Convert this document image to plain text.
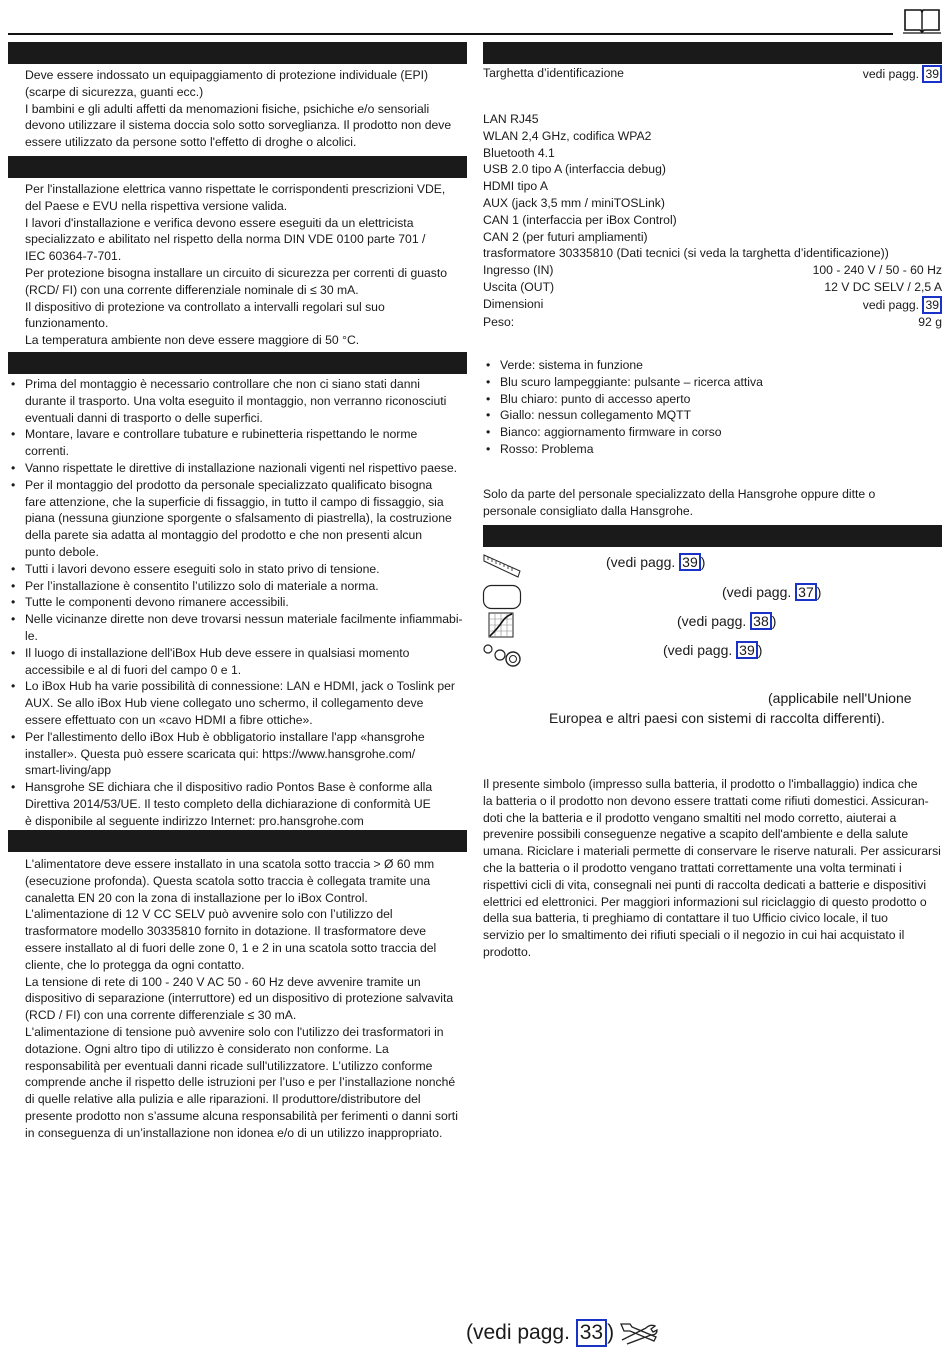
Deve essere indossato un equipaggiamento di protezione individuale (EPI)

(scarpe di sicurezza, guanti ecc.)

I bambini e gli adulti affetti da menomazioni fisiche, psichiche e/o sensoriali

devono utilizzare il sistema doccia solo sotto sorveglianza. Il prodotto non deve

essere utilizzato da persone sotto l'effetto di droghe o alcolici.

Per l'installazione elettrica vanno rispettate le corrispondenti prescrizioni VDE,

del Paese e EVU nella rispettiva versione valida.

I lavori d'installazione e verifica devono essere eseguiti da un elettricista

specializzato e abilitato nel rispetto della norma DIN VDE 0100 parte 701 /

IEC 60364-7-701.

Per protezione bisogna installare un circuito di sicurezza per correnti di guasto

(RCD/ FI) con una corrente differenziale nominale di ≤ 30 mA.

Il dispositivo di protezione va controllato a intervalli regolari sul suo

funzionamento.

La temperatura ambiente non deve essere maggiore di 50 °C.

• Prima del montaggio è necessario controllare che non ci siano stati danni

durante il trasporto. Una volta eseguito il montaggio, non verranno riconosciuti

eventuali danni di trasporto o delle superfici.

• Montare, lavare e controllare tubature e rubinetteria rispettando le norme

correnti.

• Vanno rispettate le direttive di installazione nazionali vigenti nel rispettivo paese.

• Per il montaggio del prodotto da personale specializzato qualificato bisogna

fare attenzione, che la superficie di fissaggio, in tutto il campo di fissaggio, sia

piana (nessuna giunzione sporgente o sfalsamento di piastrella), la costruzione

della parete sia adatta al montaggio del prodotto e che non presenti alcun

punto debole.

• Tutti i lavori devono essere eseguiti solo in stato privo di tensione.

• Per l’installazione è consentito l’utilizzo solo di materiale a norma.

• Tutte le componenti devono rimanere accessibili.

• Nelle vicinanze dirette non deve trovarsi nessun materiale facilmente infiammabi-

le.

• Il luogo di installazione dell'iBox Hub deve essere in qualsiasi momento

accessibile e al di fuori del campo 0 e 1.

• Lo iBox Hub ha varie possibilità di connessione: LAN e HDMI, jack o Toslink per

AUX. Se allo iBox Hub viene collegato uno schermo, il collegamento deve

essere effettuato con un «cavo HDMI a fibre ottiche».

• Per l'allestimento dello iBox Hub è obbligatorio installare l'app «hansgrohe

installer». Questa può essere scaricata qui: https://www.hansgrohe.com/

smart-living/app

• Hansgrohe SE dichiara che il dispositivo radio Pontos Base è conforme alla

Direttiva 2014/53/UE. Il testo completo della dichiarazione di conformità UE

è disponibile al seguente indirizzo Internet: pro.hansgrohe.com

L'alimentatore deve essere installato in una scatola sotto traccia > Ø 60 mm

(esecuzione profonda). Questa scatola sotto traccia è collegata tramite una

canaletta EN 20 con la zona di installazione per lo iBox Control.

L’alimentazione di 12 V CC SELV può avvenire solo con l’utilizzo del

trasformatore modello 30335810 fornito in dotazione. Il trasformatore deve

essere installato al di fuori delle zone 0, 1 e 2 in una scatola sotto traccia del

cliente, che lo protegga da ogni contatto.

La tensione di rete di 100 - 240 V AC 50 - 60 Hz deve avvenire tramite un

dispositivo di separazione (interruttore) ed un dispositivo di protezione salvavita

(RCD / FI) con una corrente differenziale ≤ 30 mA.

L'alimentazione di tensione può avvenire solo con l'utilizzo dei trasformatori in

dotazione. Ogni altro tipo di utilizzo è considerato non conforme. La

responsabilità per eventuali danni ricade sull'utilizzatore. L’utilizzo conforme

comprende anche il rispetto delle istruzioni per l’uso e per l’installazione nonché

di quelle relative alla pulizia e alle riparazioni. Il produttore/distributore del

presente prodotto non s’assume alcuna responsabilità per ferimenti o danni sorti

in conseguenza di un’installazione non idonea e/o di un utilizzo inappropriato.

Targhetta d’identificazione	vedi pagg. 39

LAN RJ45

WLAN 2,4 GHz, codifica WPA2

Bluetooth 4.1

USB 2.0 tipo A (interfaccia debug)

HDMI tipo A

AUX (jack 3,5 mm / miniTOSLink)

CAN 1 (interfaccia per iBox Control)

CAN 2 (per futuri ampliamenti)

trasformatore 30335810 (Dati tecnici (si veda la targhetta d’identificazione))

Ingresso (IN)	100 - 240 V / 50 - 60 Hz
Uscita (OUT)	12 V DC SELV / 2,5 A
Dimensioni	vedi pagg. 39
Peso:	92 g
• Verde: sistema in funzione
• Blu scuro lampeggiante: pulsante – ricerca attiva
• Blu chiaro: punto di accesso aperto
• Giallo: nessun collegamento MQTT
• Bianco: aggiornamento firmware in corso
• Rosso: Problema

Solo da parte del personale specializzato della Hansgrohe oppure ditte o

personale consigliato dalla Hansgrohe.

(vedi pagg. 39 )
(vedi pagg. 37 )
(vedi pagg. 38 )
(vedi pagg. 39 )
(applicabile nell'Unione
Europea e altri paesi con sistemi di raccolta differenti).

Il presente simbolo (impresso sulla batteria, il prodotto o l'imballaggio) indica che

la batteria o il prodotto non devono essere trattati come rifiuti domestici. Assicuran-

doti che la batteria e il prodotto vengano smaltiti nel modo corretto, aiuterai a

prevenire possibili conseguenze negative a scapito dell'ambiente e della salute

umana. Riciclare i materiali permette di conservare le riserve naturali. Per assicurarsi

che la batteria o il prodotto vengano trattati correttamente una volta terminati i

rispettivi cicli di vita, consegnali nei punti di raccolta dedicati a batterie e dispositivi

elettrici ed elettronici. Per maggiori informazioni sul riciclaggio di questo prodotto o

della sua batteria, ti preghiamo di contattare il tuo Ufficio civico locale, il tuo

servizio per lo smaltimento dei rifiuti speciali o il negozio in cui hai acquistato il

prodotto.

(vedi pagg. 33 )
